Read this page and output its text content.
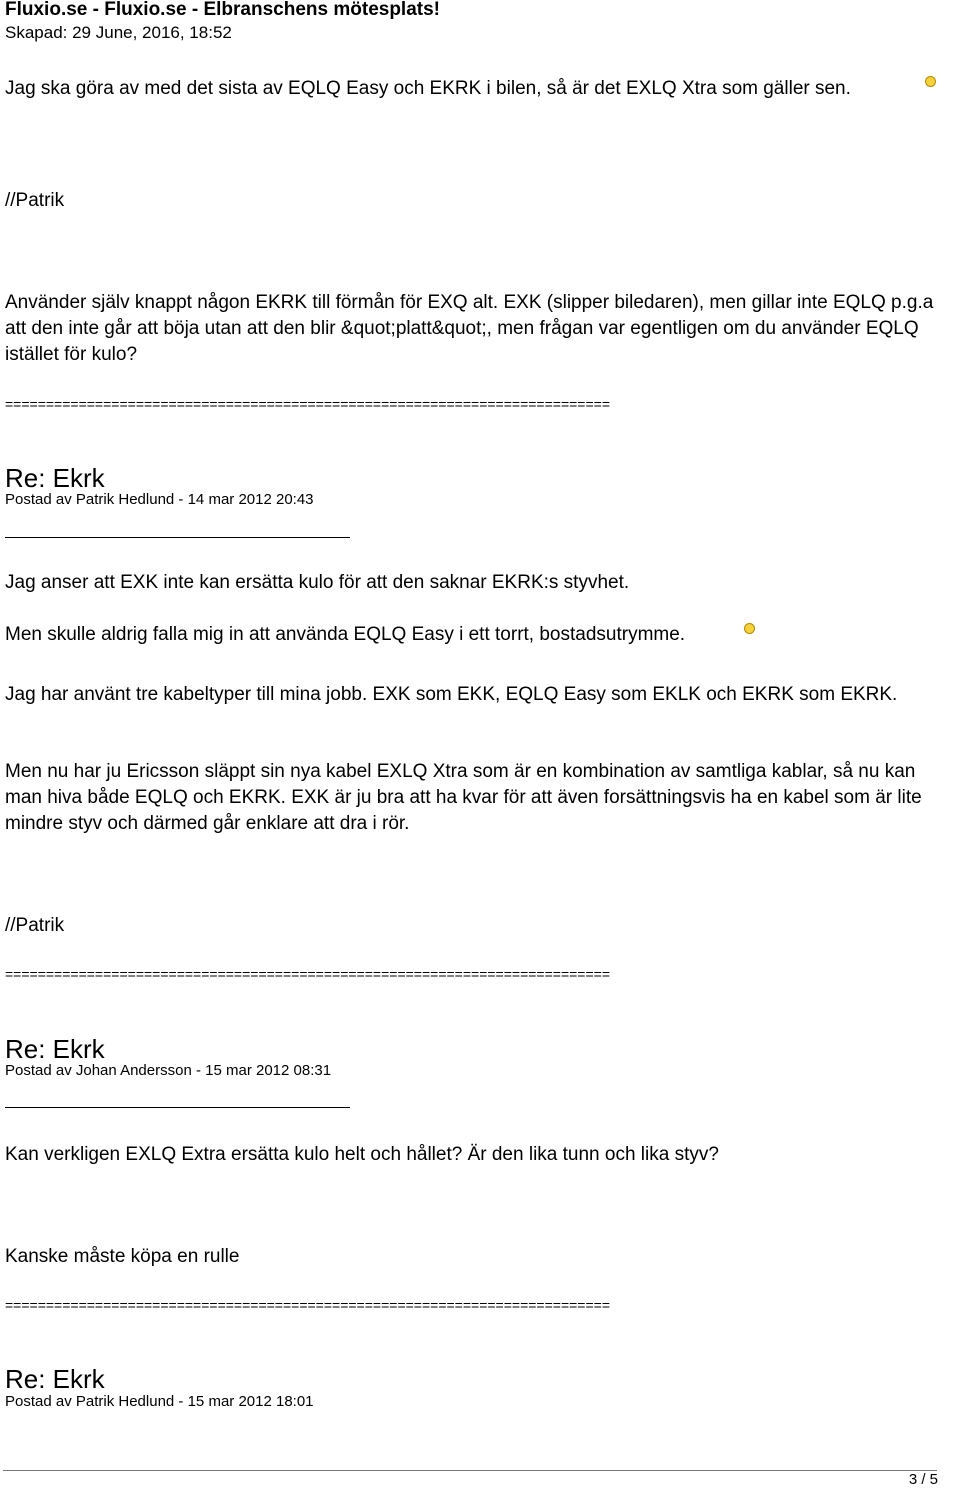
Fluxio.se - Fluxio.se - Elbranschens mötesplats!
Skapad: 29 June, 2016, 18:52
Jag ska göra av med det sista av EQLQ Easy och EKRK i bilen, så är det EXLQ Xtra som gäller sen.
//Patrik
Använder själv knappt någon EKRK till förmån för EXQ alt. EXK (slipper biledaren), men gillar inte EQLQ p.g.a att den inte går att böja utan att den blir &quot;platt&quot;, men frågan var egentligen om du använder EQLQ istället för kulo?
==========================================================================
Re: Ekrk
Postad av Patrik Hedlund - 14 mar 2012 20:43
Jag anser att EXK inte kan ersätta kulo för att den saknar EKRK:s styvhet.
Men skulle aldrig falla mig in att använda EQLQ Easy i ett torrt, bostadsutrymme.
Jag har använt tre kabeltyper till mina jobb. EXK som EKK, EQLQ Easy som EKLK och EKRK som EKRK.
Men nu har ju Ericsson släppt sin nya kabel EXLQ Xtra som är en kombination av samtliga kablar, så nu kan man hiva både EQLQ och EKRK. EXK är ju bra att ha kvar för att även forsättningsvis ha en kabel som är lite mindre styv och därmed går enklare att dra i rör.
//Patrik
==========================================================================
Re: Ekrk
Postad av Johan Andersson - 15 mar 2012 08:31
Kan verkligen EXLQ Extra ersätta kulo helt och hållet? Är den lika tunn och lika styv?
Kanske måste köpa en rulle
==========================================================================
Re: Ekrk
Postad av Patrik Hedlund - 15 mar 2012 18:01
3 / 5
